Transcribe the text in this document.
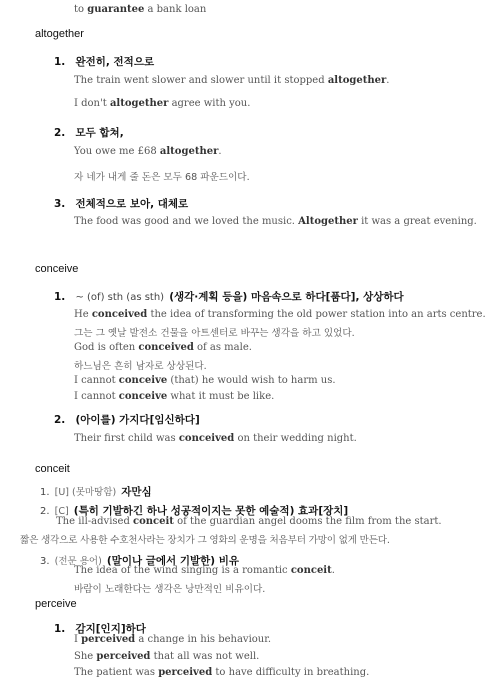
to guarantee a bank loan
altogether
1. 완전히, 전적으로
The train went slower and slower until it stopped altogether.
I don't altogether agree with you.
2. 모두 합쳐,
You owe me £68 altogether.
자 네가 내게 줄 돈은 모두 68 파운드이다.
3. 전체적으로 보아, 대체로
The food was good and we loved the music. Altogether it was a great evening.
conceive
1. ~ (of) sth (as sth) (생각·계획 등을) 마음속으로 하다[품다], 상상하다
He conceived the idea of transforming the old power station into an arts centre.
그는 그 옛날 발전소 건물을 아트센터로 바꾸는 생각을 하고 있었다.
God is often conceived of as male.
하느님은 흔히 남자로 상상된다.
I cannot conceive (that) he would wish to harm us.
I cannot conceive what it must be like.
2. (아이를) 가지다[임신하다]
Their first child was conceived on their wedding night.
conceit
1. [U] (못마땅함) 자만심
2. [C] (특히 기발하긴 하나 성공적이지는 못한 예술적) 효과[장치]
The ill-advised conceit of the guardian angel dooms the film from the start.
짧은 생각으로 사용한 수호천사라는 장치가 그 영화의 운명을 처음부터 가망이 없게 만든다.
3. (전문 용어) (말이나 글에서 기발한) 비유
The idea of the wind singing is a romantic conceit.
바람이 노래한다는 생각은 낭만적인 비유이다.
perceive
1. 감지[인지]하다
I perceived a change in his behaviour.
She perceived that all was not well.
The patient was perceived to have difficulty in breathing.
